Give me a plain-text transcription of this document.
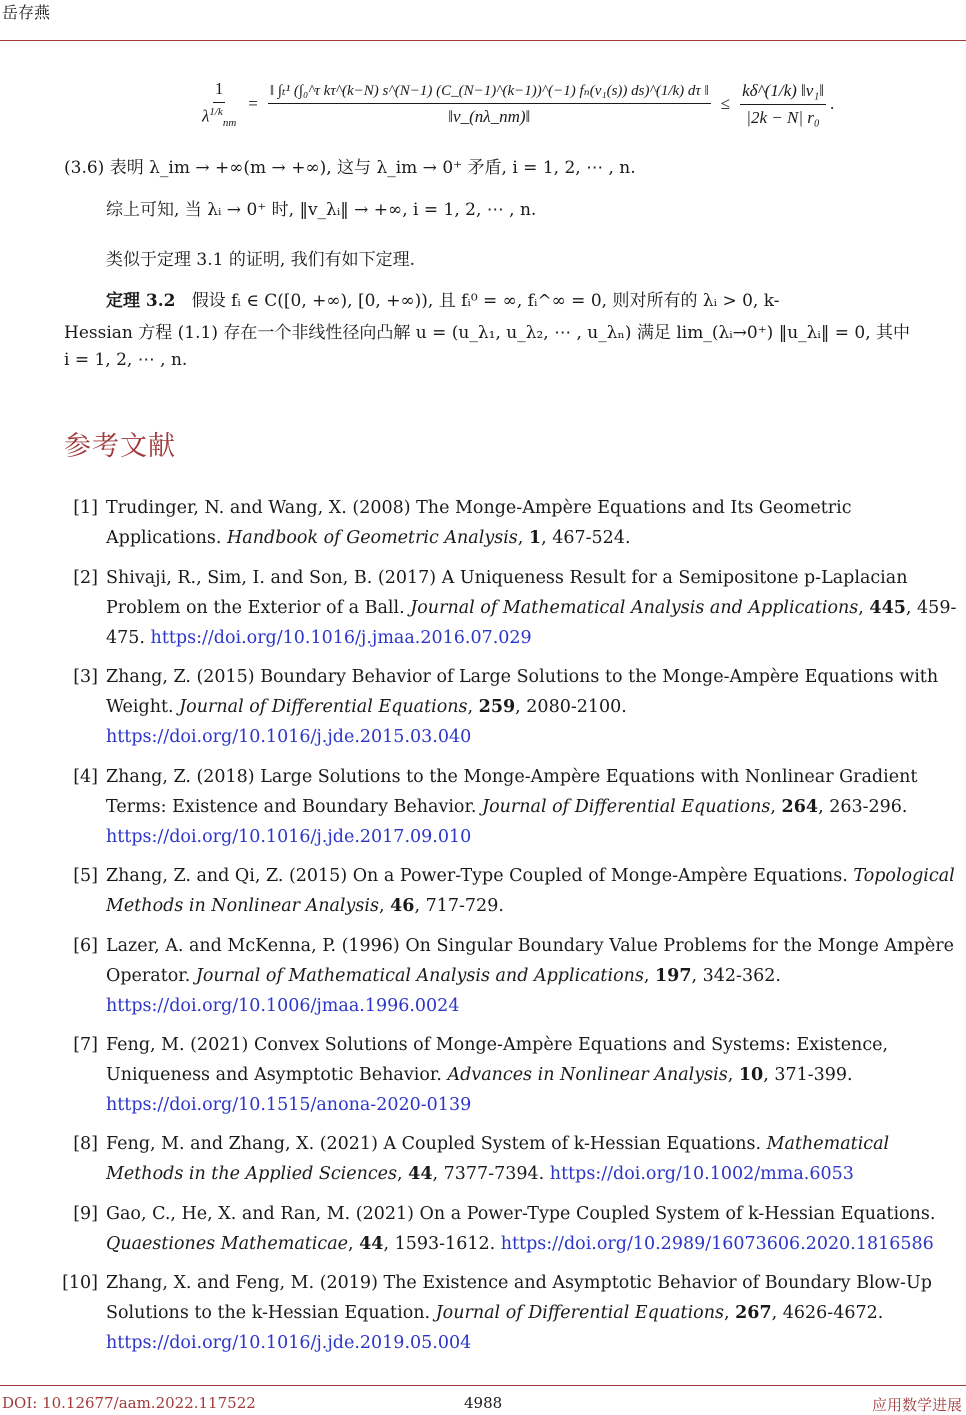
岳存燕
$\frac{1}{\lambda^{1/k}_{nm}}$ =
‖ ∫ₜ¹ (∫₀^τ kτ^(k−N) s^(N−1) (C_(N−1)^(k−1))^(−1) fₙ(v₁(s)) ds)^(1/k) dτ ‖
‖v_(nλ_nm)‖
≤ $\frac{\text{kδ\textasciicircum{}(1/k) ‖v₁‖}}{\text{|2k − N| r₀}}$ .
(3.6) 表明 λ_im → +∞(m → +∞), 这与 λ_im → 0⁺ 矛盾, i = 1, 2, ⋯ , n.
综上可知, 当 λᵢ → 0⁺ 时, ‖v_λᵢ‖ → +∞, i = 1, 2, ⋯ , n.
类似于定理 3.1 的证明, 我们有如下定理.
定理 3.2 假设 fᵢ ∈ C([0, +∞), [0, +∞)), 且 fᵢ⁰ = ∞, fᵢ^∞ = 0, 则对所有的 λᵢ > 0, k-
Hessian 方程 (1.1) 存在一个非线性径向凸解 u = (u_λ₁, u_λ₂, ⋯ , u_λₙ) 满足 lim_(λᵢ→0⁺) ‖u_λᵢ‖ = 0, 其中
i = 1, 2, ⋯ , n.
参考文献
[1] Trudinger, N. and Wang, X. (2008) The Monge-Ampère Equations and Its Geometric Applications. Handbook of Geometric Analysis, 1, 467-524.
[2] Shivaji, R., Sim, I. and Son, B. (2017) A Uniqueness Result for a Semipositone p-Laplacian Problem on the Exterior of a Ball. Journal of Mathematical Analysis and Applications, 445, 459-475. https://doi.org/10.1016/j.jmaa.2016.07.029
[3] Zhang, Z. (2015) Boundary Behavior of Large Solutions to the Monge-Ampère Equations with Weight. Journal of Differential Equations, 259, 2080-2100. https://doi.org/10.1016/j.jde.2015.03.040
[4] Zhang, Z. (2018) Large Solutions to the Monge-Ampère Equations with Nonlinear Gradient Terms: Existence and Boundary Behavior. Journal of Differential Equations, 264, 263-296. https://doi.org/10.1016/j.jde.2017.09.010
[5] Zhang, Z. and Qi, Z. (2015) On a Power-Type Coupled of Monge-Ampère Equations. Topological Methods in Nonlinear Analysis, 46, 717-729.
[6] Lazer, A. and McKenna, P. (1996) On Singular Boundary Value Problems for the Monge Ampère Operator. Journal of Mathematical Analysis and Applications, 197, 342-362. https://doi.org/10.1006/jmaa.1996.0024
[7] Feng, M. (2021) Convex Solutions of Monge-Ampère Equations and Systems: Existence, Uniqueness and Asymptotic Behavior. Advances in Nonlinear Analysis, 10, 371-399. https://doi.org/10.1515/anona-2020-0139
[8] Feng, M. and Zhang, X. (2021) A Coupled System of k-Hessian Equations. Mathematical Methods in the Applied Sciences, 44, 7377-7394. https://doi.org/10.1002/mma.6053
[9] Gao, C., He, X. and Ran, M. (2021) On a Power-Type Coupled System of k-Hessian Equations. Quaestiones Mathematicae, 44, 1593-1612. https://doi.org/10.2989/16073606.2020.1816586
[10] Zhang, X. and Feng, M. (2019) The Existence and Asymptotic Behavior of Boundary Blow-Up Solutions to the k-Hessian Equation. Journal of Differential Equations, 267, 4626-4672. https://doi.org/10.1016/j.jde.2019.05.004
DOI: 10.12677/aam.2022.117522	4988	应用数学进展
